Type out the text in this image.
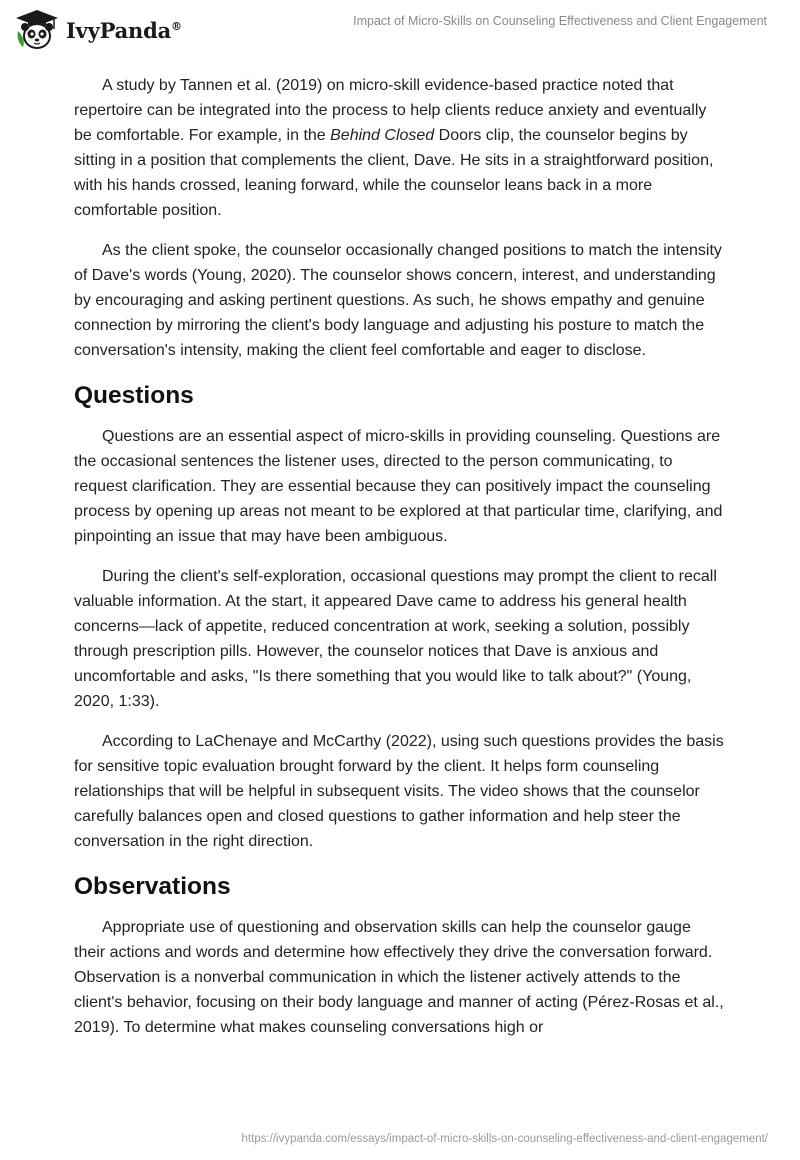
IvyPanda®	Impact of Micro-Skills on Counseling Effectiveness and Client Engagement

A study by Tannen et al. (2019) on micro-skill evidence-based practice noted that repertoire can be integrated into the process to help clients reduce anxiety and eventually be comfortable. For example, in the Behind Closed Doors clip, the counselor begins by sitting in a position that complements the client, Dave. He sits in a straightforward position, with his hands crossed, leaning forward, while the counselor leans back in a more comfortable position.

As the client spoke, the counselor occasionally changed positions to match the intensity of Dave's words (Young, 2020). The counselor shows concern, interest, and understanding by encouraging and asking pertinent questions. As such, he shows empathy and genuine connection by mirroring the client's body language and adjusting his posture to match the conversation's intensity, making the client feel comfortable and eager to disclose.

Questions

Questions are an essential aspect of micro-skills in providing counseling. Questions are the occasional sentences the listener uses, directed to the person communicating, to request clarification. They are essential because they can positively impact the counseling process by opening up areas not meant to be explored at that particular time, clarifying, and pinpointing an issue that may have been ambiguous.

During the client's self-exploration, occasional questions may prompt the client to recall valuable information. At the start, it appeared Dave came to address his general health concerns—lack of appetite, reduced concentration at work, seeking a solution, possibly through prescription pills. However, the counselor notices that Dave is anxious and uncomfortable and asks, "Is there something that you would like to talk about?" (Young, 2020, 1:33).

According to LaChenaye and McCarthy (2022), using such questions provides the basis for sensitive topic evaluation brought forward by the client. It helps form counseling relationships that will be helpful in subsequent visits. The video shows that the counselor carefully balances open and closed questions to gather information and help steer the conversation in the right direction.

Observations

Appropriate use of questioning and observation skills can help the counselor gauge their actions and words and determine how effectively they drive the conversation forward. Observation is a nonverbal communication in which the listener actively attends to the client's behavior, focusing on their body language and manner of acting (Pérez-Rosas et al., 2019). To determine what makes counseling conversations high or

https://ivypanda.com/essays/impact-of-micro-skills-on-counseling-effectiveness-and-client-engagement/
